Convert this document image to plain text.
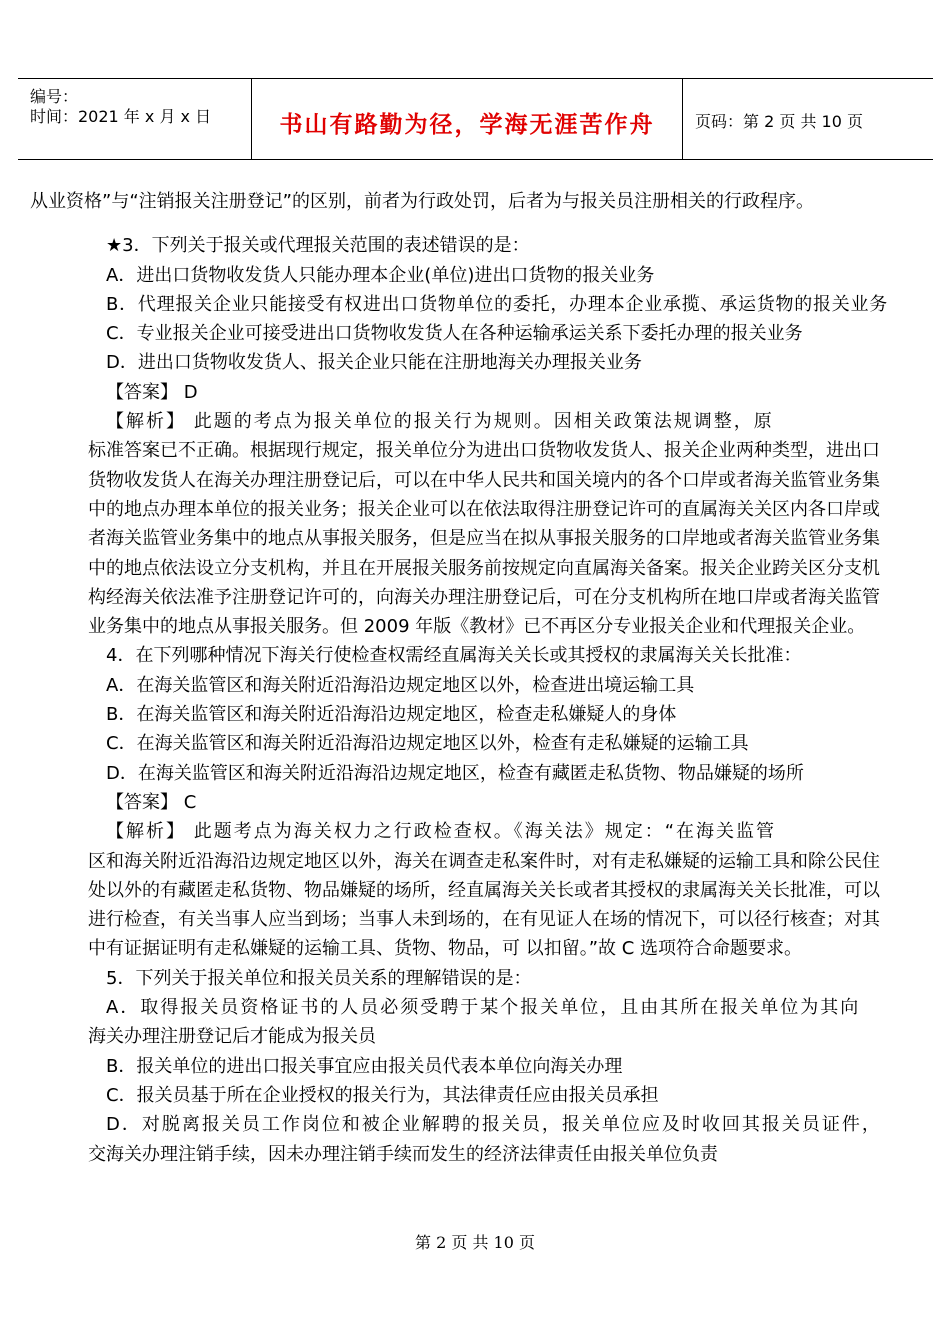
编号：
时间：2021 年 x 月 x 日	书山有路勤为径，学海无涯苦作舟	页码：第 2 页 共 10 页
从业资格”与“注销报关注册登记”的区别，前者为行政处罚，后者为与报关员注册相关的行政程序。
★3．下列关于报关或代理报关范围的表述错误的是：
A．进出口货物收发货人只能办理本企业(单位)进出口货物的报关业务
B．代理报关企业只能接受有权进出口货物单位的委托，办理本企业承揽、承运货物的报关业务
C．专业报关企业可接受进出口货物收发货人在各种运输承运关系下委托办理的报关业务
D．进出口货物收发货人、报关企业只能在注册地海关办理报关业务
【答案】 D
【解析】 此题的考点为报关单位的报关行为规则。因相关政策法规调整，原
标准答案已不正确。根据现行规定，报关单位分为进出口货物收发货人、报关企业两种类型，进出口货物收发货人在海关办理注册登记后，可以在中华人民共和国关境内的各个口岸或者海关监管业务集中的地点办理本单位的报关业务；报关企业可以在依法取得注册登记许可的直属海关关区内各口岸或者海关监管业务集中的地点从事报关服务，但是应当在拟从事报关服务的口岸地或者海关监管业务集中的地点依法设立分支机构，并且在开展报关服务前按规定向直属海关备案。报关企业跨关区分支机构经海关依法准予注册登记许可的，向海关办理注册登记后，可在分支机构所在地口岸或者海关监管业务集中的地点从事报关服务。但 2009 年版《教材》已不再区分专业报关企业和代理报关企业。
4．在下列哪种情况下海关行使检查权需经直属海关关长或其授权的隶属海关关长批准：
A．在海关监管区和海关附近沿海沿边规定地区以外，检查进出境运输工具
B．在海关监管区和海关附近沿海沿边规定地区，检查走私嫌疑人的身体
C．在海关监管区和海关附近沿海沿边规定地区以外，检查有走私嫌疑的运输工具
D．在海关监管区和海关附近沿海沿边规定地区，检查有藏匿走私货物、物品嫌疑的场所
【答案】 C
【解析】 此题考点为海关权力之行政检查权。《海关法》规定：“在海关监管
区和海关附近沿海沿边规定地区以外，海关在调查走私案件时，对有走私嫌疑的运输工具和除公民住处以外的有藏匿走私货物、物品嫌疑的场所，经直属海关关长或者其授权的隶属海关关长批准，可以进行检查，有关当事人应当到场；当事人未到场的，在有见证人在场的情况下，可以径行核查；对其中有证据证明有走私嫌疑的运输工具、货物、物品，可 以扣留。”故 C 选项符合命题要求。
5．下列关于报关单位和报关员关系的理解错误的是：
A．取得报关员资格证书的人员必须受聘于某个报关单位，且由其所在报关单位为其向
海关办理注册登记后才能成为报关员
B．报关单位的进出口报关事宜应由报关员代表本单位向海关办理
C．报关员基于所在企业授权的报关行为，其法律责任应由报关员承担
D．对脱离报关员工作岗位和被企业解聘的报关员，报关单位应及时收回其报关员证件，
交海关办理注销手续，因未办理注销手续而发生的经济法律责任由报关单位负责
第 2 页 共 10 页
